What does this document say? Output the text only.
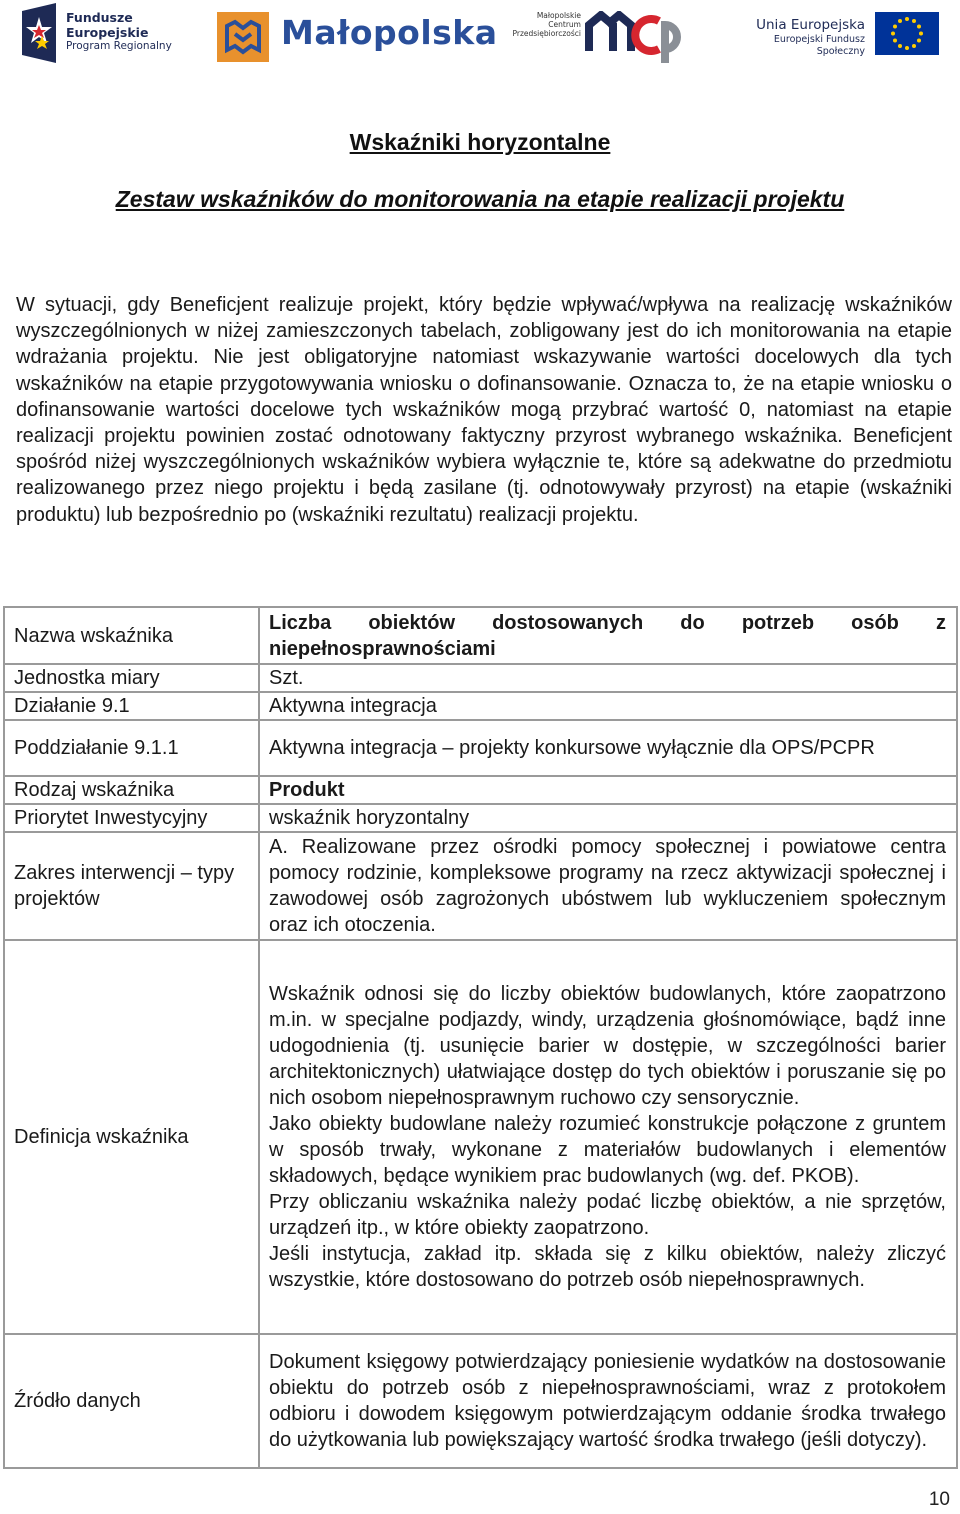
Fundusze
Europejskie
Program Regionalny	Małopolska	Małopolskie
Centrum
Przedsiębiorczości
Unia Europejska
Europejski Fundusz Społeczny
Wskaźniki horyzontalne
Zestaw wskaźników do monitorowania na etapie realizacji projektu

W sytuacji, gdy Beneficjent realizuje projekt, który będzie wpływać/wpływa na realizację wskaźników wyszczególnionych w niżej zamieszczonych tabelach, zobligowany jest do ich monitorowania na etapie wdrażania projektu. Nie jest obligatoryjne natomiast wskazywanie wartości docelowych dla tych wskaźników na etapie przygotowywania wniosku o dofinansowanie. Oznacza to, że na etapie wniosku o dofinansowanie wartości docelowe tych wskaźników mogą przybrać wartość 0, natomiast na etapie realizacji projektu powinien zostać odnotowany faktyczny przyrost wybranego wskaźnika. Beneficjent spośród niżej wyszczególnionych wskaźników wybiera wyłącznie te, które są adekwatne do przedmiotu realizowanego przez niego projektu i będą zasilane (tj. odnotowywały przyrost) na etapie (wskaźniki produktu) lub bezpośrednio po (wskaźniki rezultatu) realizacji projektu.

Nazwa wskaźnika	Liczba obiektów dostosowanych do potrzeb osób z niepełnosprawnościami
Jednostka miary	Szt.
Działanie 9.1	Aktywna integracja
Poddziałanie 9.1.1	Aktywna integracja – projekty konkursowe wyłącznie dla OPS/PCPR
Rodzaj wskaźnika	Produkt
Priorytet Inwestycyjny	wskaźnik horyzontalny
Zakres interwencji – typy projektów	A. Realizowane przez ośrodki pomocy społecznej i powiatowe centra pomocy rodzinie, kompleksowe programy na rzecz aktywizacji społecznej i zawodowej osób zagrożonych ubóstwem lub wykluczeniem społecznym oraz ich otoczenia.
Definicja wskaźnika	Wskaźnik odnosi się do liczby obiektów budowlanych, które zaopatrzono m.in. w specjalne podjazdy, windy, urządzenia głośnomówiące, bądź inne udogodnienia (tj. usunięcie barier w dostępie, w szczególności barier architektonicznych) ułatwiające dostęp do tych obiektów i poruszanie się po nich osobom niepełnosprawnym ruchowo czy sensorycznie.
Jako obiekty budowlane należy rozumieć konstrukcje połączone z gruntem w sposób trwały, wykonane z materiałów budowlanych i elementów składowych, będące wynikiem prac budowlanych (wg. def. PKOB).
Przy obliczaniu wskaźnika należy podać liczbę obiektów, a nie sprzętów, urządzeń itp., w które obiekty zaopatrzono.
Jeśli instytucja, zakład itp. składa się z kilku obiektów, należy zliczyć wszystkie, które dostosowano do potrzeb osób niepełnosprawnych.

Źródło danych	Dokument księgowy potwierdzający poniesienie wydatków na dostosowanie obiektu do potrzeb osób z niepełnosprawnościami, wraz z protokołem odbioru i dowodem księgowym potwierdzającym oddanie środka trwałego do użytkowania lub powiększający wartość środka trwałego (jeśli dotyczy).
10
